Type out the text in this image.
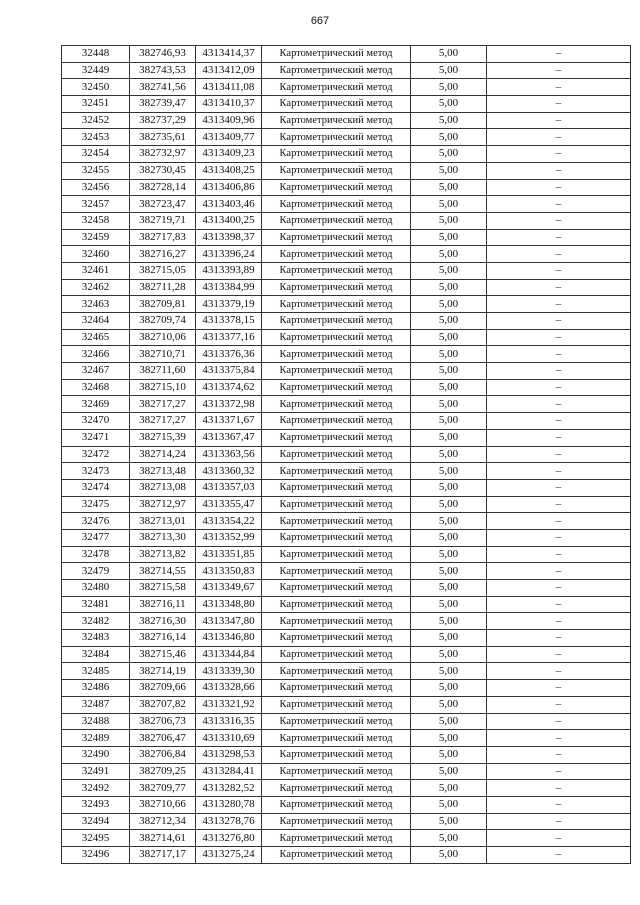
667
32448	382746,93	4313414,37	Картометрический метод	5,00	–
32449	382743,53	4313412,09	Картометрический метод	5,00	–
32450	382741,56	4313411,08	Картометрический метод	5,00	–
32451	382739,47	4313410,37	Картометрический метод	5,00	–
32452	382737,29	4313409,96	Картометрический метод	5,00	–
32453	382735,61	4313409,77	Картометрический метод	5,00	–
32454	382732,97	4313409,23	Картометрический метод	5,00	–
32455	382730,45	4313408,25	Картометрический метод	5,00	–
32456	382728,14	4313406,86	Картометрический метод	5,00	–
32457	382723,47	4313403,46	Картометрический метод	5,00	–
32458	382719,71	4313400,25	Картометрический метод	5,00	–
32459	382717,83	4313398,37	Картометрический метод	5,00	–
32460	382716,27	4313396,24	Картометрический метод	5,00	–
32461	382715,05	4313393,89	Картометрический метод	5,00	–
32462	382711,28	4313384,99	Картометрический метод	5,00	–
32463	382709,81	4313379,19	Картометрический метод	5,00	–
32464	382709,74	4313378,15	Картометрический метод	5,00	–
32465	382710,06	4313377,16	Картометрический метод	5,00	–
32466	382710,71	4313376,36	Картометрический метод	5,00	–
32467	382711,60	4313375,84	Картометрический метод	5,00	–
32468	382715,10	4313374,62	Картометрический метод	5,00	–
32469	382717,27	4313372,98	Картометрический метод	5,00	–
32470	382717,27	4313371,67	Картометрический метод	5,00	–
32471	382715,39	4313367,47	Картометрический метод	5,00	–
32472	382714,24	4313363,56	Картометрический метод	5,00	–
32473	382713,48	4313360,32	Картометрический метод	5,00	–
32474	382713,08	4313357,03	Картометрический метод	5,00	–
32475	382712,97	4313355,47	Картометрический метод	5,00	–
32476	382713,01	4313354,22	Картометрический метод	5,00	–
32477	382713,30	4313352,99	Картометрический метод	5,00	–
32478	382713,82	4313351,85	Картометрический метод	5,00	–
32479	382714,55	4313350,83	Картометрический метод	5,00	–
32480	382715,58	4313349,67	Картометрический метод	5,00	–
32481	382716,11	4313348,80	Картометрический метод	5,00	–
32482	382716,30	4313347,80	Картометрический метод	5,00	–
32483	382716,14	4313346,80	Картометрический метод	5,00	–
32484	382715,46	4313344,84	Картометрический метод	5,00	–
32485	382714,19	4313339,30	Картометрический метод	5,00	–
32486	382709,66	4313328,66	Картометрический метод	5,00	–
32487	382707,82	4313321,92	Картометрический метод	5,00	–
32488	382706,73	4313316,35	Картометрический метод	5,00	–
32489	382706,47	4313310,69	Картометрический метод	5,00	–
32490	382706,84	4313298,53	Картометрический метод	5,00	–
32491	382709,25	4313284,41	Картометрический метод	5,00	–
32492	382709,77	4313282,52	Картометрический метод	5,00	–
32493	382710,66	4313280,78	Картометрический метод	5,00	–
32494	382712,34	4313278,76	Картометрический метод	5,00	–
32495	382714,61	4313276,80	Картометрический метод	5,00	–
32496	382717,17	4313275,24	Картометрический метод	5,00	–
